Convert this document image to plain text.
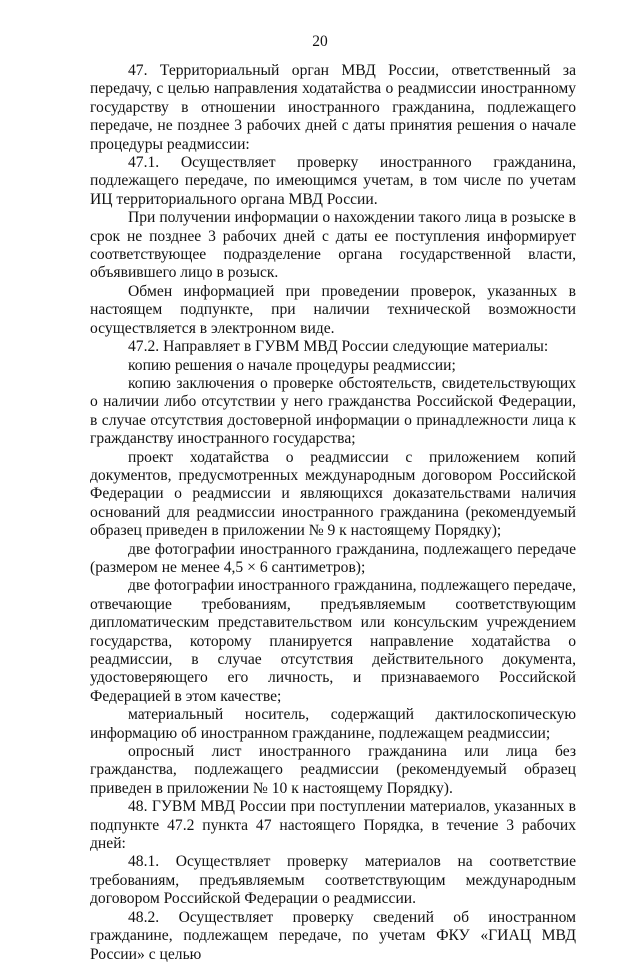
20

47. Территориальный орган МВД России, ответственный за передачу, с целью направления ходатайства о реадмиссии иностранному государству в отношении иностранного гражданина, подлежащего передаче, не позднее 3 рабочих дней с даты принятия решения о начале процедуры реадмиссии:

47.1. Осуществляет проверку иностранного гражданина, подлежащего передаче, по имеющимся учетам, в том числе по учетам ИЦ территориального органа МВД России.

При получении информации о нахождении такого лица в розыске в срок не позднее 3 рабочих дней с даты ее поступления информирует соответствующее подразделение органа государственной власти, объявившего лицо в розыск.

Обмен информацией при проведении проверок, указанных в настоящем подпункте, при наличии технической возможности осуществляется в электронном виде.

47.2. Направляет в ГУВМ МВД России следующие материалы:

копию решения о начале процедуры реадмиссии;

копию заключения о проверке обстоятельств, свидетельствующих о наличии либо отсутствии у него гражданства Российской Федерации, в случае отсутствия достоверной информации о принадлежности лица к гражданству иностранного государства;

проект ходатайства о реадмиссии с приложением копий документов, предусмотренных международным договором Российской Федерации о реадмиссии и являющихся доказательствами наличия оснований для реадмиссии иностранного гражданина (рекомендуемый образец приведен в приложении № 9 к настоящему Порядку);

две фотографии иностранного гражданина, подлежащего передаче (размером не менее 4,5 × 6 сантиметров);

две фотографии иностранного гражданина, подлежащего передаче, отвечающие требованиям, предъявляемым соответствующим дипломатическим представительством или консульским учреждением государства, которому планируется направление ходатайства о реадмиссии, в случае отсутствия действительного документа, удостоверяющего его личность, и признаваемого Российской Федерацией в этом качестве;

материальный носитель, содержащий дактилоскопическую информацию об иностранном гражданине, подлежащем реадмиссии;

опросный лист иностранного гражданина или лица без гражданства, подлежащего реадмиссии (рекомендуемый образец приведен в приложении № 10 к настоящему Порядку).

48. ГУВМ МВД России при поступлении материалов, указанных в подпункте 47.2 пункта 47 настоящего Порядка, в течение 3 рабочих дней:

48.1. Осуществляет проверку материалов на соответствие требованиям, предъявляемым соответствующим международным договором Российской Федерации о реадмиссии.

48.2. Осуществляет проверку сведений об иностранном гражданине, подлежащем передаче, по учетам ФКУ «ГИАЦ МВД России» с целью
